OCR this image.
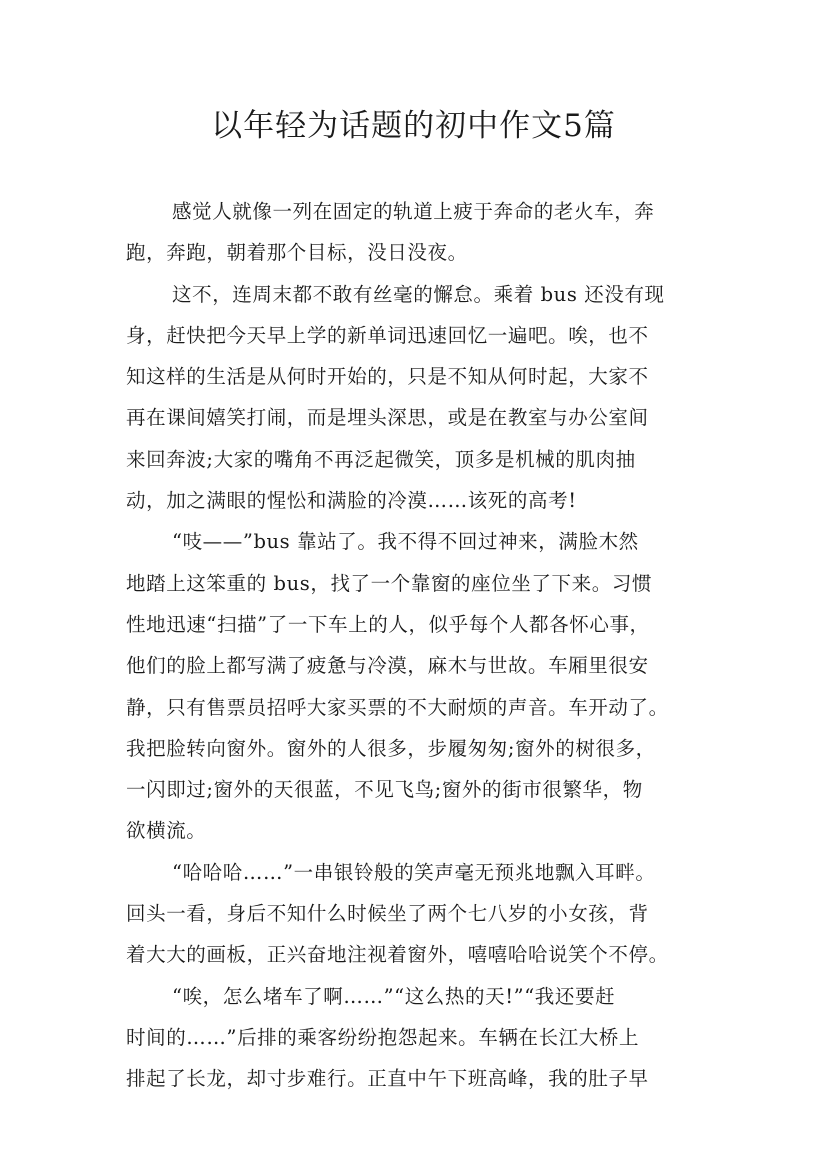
以年轻为话题的初中作文5篇
感觉人就像一列在固定的轨道上疲于奔命的老火车，奔
跑，奔跑，朝着那个目标，没日没夜。
这不，连周末都不敢有丝毫的懈怠。乘着 bus 还没有现
身，赶快把今天早上学的新单词迅速回忆一遍吧。唉，也不
知这样的生活是从何时开始的，只是不知从何时起，大家不
再在课间嬉笑打闹，而是埋头深思，或是在教室与办公室间
来回奔波;大家的嘴角不再泛起微笑，顶多是机械的肌肉抽
动，加之满眼的惺忪和满脸的冷漠……该死的高考!
“吱——”bus 靠站了。我不得不回过神来，满脸木然
地踏上这笨重的 bus，找了一个靠窗的座位坐了下来。习惯
性地迅速“扫描”了一下车上的人，似乎每个人都各怀心事，
他们的脸上都写满了疲惫与冷漠，麻木与世故。车厢里很安
静，只有售票员招呼大家买票的不大耐烦的声音。车开动了。
我把脸转向窗外。窗外的人很多，步履匆匆;窗外的树很多，
一闪即过;窗外的天很蓝，不见飞鸟;窗外的街市很繁华，物
欲横流。
“哈哈哈……”一串银铃般的笑声毫无预兆地飘入耳畔。
回头一看，身后不知什么时候坐了两个七八岁的小女孩，背
着大大的画板，正兴奋地注视着窗外，嘻嘻哈哈说笑个不停。
“唉，怎么堵车了啊……”“这么热的天!”“我还要赶
时间的……”后排的乘客纷纷抱怨起来。车辆在长江大桥上
排起了长龙，却寸步难行。正直中午下班高峰，我的肚子早
